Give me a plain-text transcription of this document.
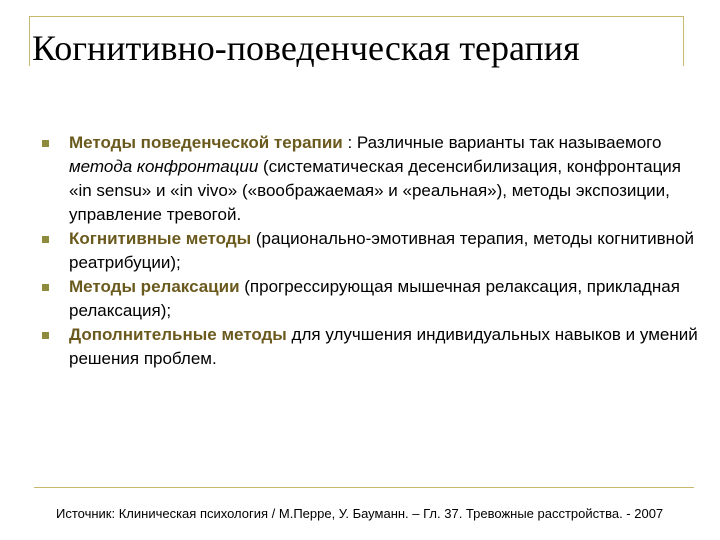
Когнитивно-поведенческая терапия
Методы поведенческой терапии : Различные варианты так называемого метода конфронтации (систематическая десенсибилизация, конфронтация «in sensu» и «in vivo» («воображаемая» и «реальная»), методы экспозиции, управление тревогой.
Когнитивные методы (рационально-эмотивная терапия, методы когнитивной реатрибуции);
Методы релаксации (прогрессирующая мышечная релаксация, прикладная релаксация);
Дополнительные методы для улучшения индивидуальных навыков и умений решения проблем.
Источник: Клиническая психология / М.Перре, У. Бауманн. – Гл. 37. Тревожные расстройства. - 2007
